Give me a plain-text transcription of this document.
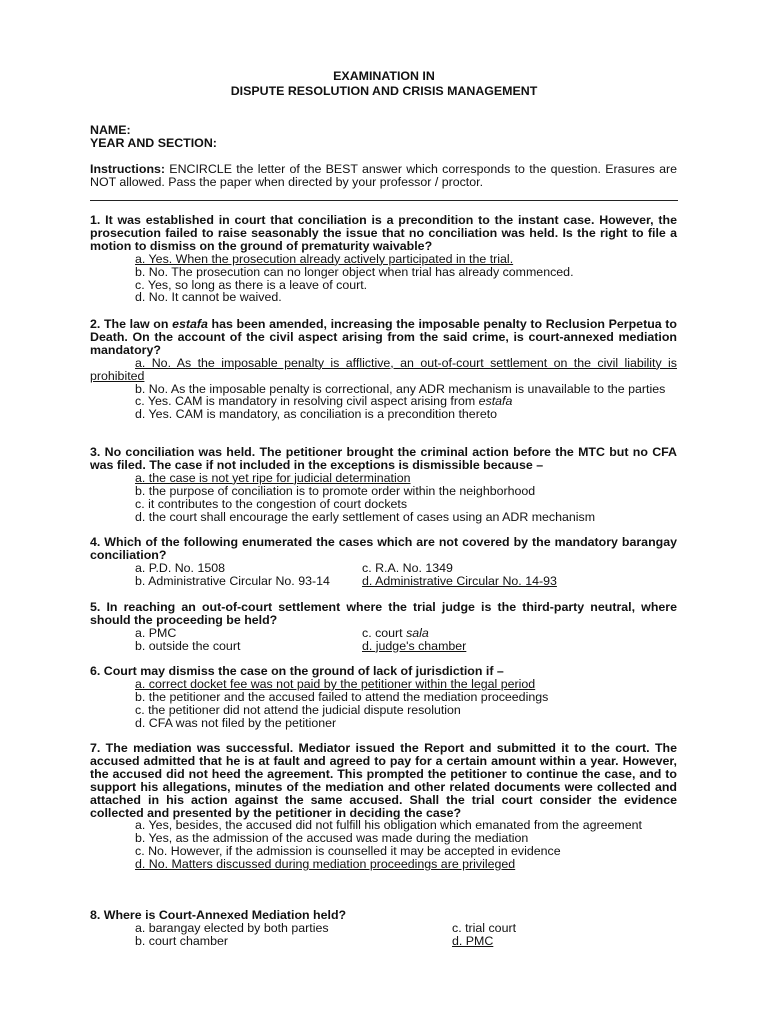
EXAMINATION IN
DISPUTE RESOLUTION AND CRISIS MANAGEMENT
NAME:
YEAR AND SECTION:
Instructions: ENCIRCLE the letter of the BEST answer which corresponds to the question. Erasures are NOT allowed. Pass the paper when directed by your professor / proctor.
1. It was established in court that conciliation is a precondition to the instant case. However, the prosecution failed to raise seasonably the issue that no conciliation was held. Is the right to file a motion to dismiss on the ground of prematurity waivable?
a. Yes. When the prosecution already actively participated in the trial.
b. No. The prosecution can no longer object when trial has already commenced.
c. Yes, so long as there is a leave of court.
d. No. It cannot be waived.
2. The law on estafa has been amended, increasing the imposable penalty to Reclusion Perpetua to Death. On the account of the civil aspect arising from the said crime, is court-annexed mediation mandatory?
a. No. As the imposable penalty is afflictive, an out-of-court settlement on the civil liability is prohibited
b. No. As the imposable penalty is correctional, any ADR mechanism is unavailable to the parties
c. Yes. CAM is mandatory in resolving civil aspect arising from estafa
d. Yes. CAM is mandatory, as conciliation is a precondition thereto
3. No conciliation was held. The petitioner brought the criminal action before the MTC but no CFA was filed. The case if not included in the exceptions is dismissible because –
a. the case is not yet ripe for judicial determination
b. the purpose of conciliation is to promote order within the neighborhood
c. it contributes to the congestion of court dockets
d. the court shall encourage the early settlement of cases using an ADR mechanism
4. Which of the following enumerated the cases which are not covered by the mandatory barangay conciliation?
a. P.D. No. 1508	c. R.A. No. 1349
b. Administrative Circular No. 93-14	d. Administrative Circular No. 14-93
5. In reaching an out-of-court settlement where the trial judge is the third-party neutral, where should the proceeding be held?
a. PMC	c. court sala
b. outside the court	d. judge's chamber
6. Court may dismiss the case on the ground of lack of jurisdiction if –
a. correct docket fee was not paid by the petitioner within the legal period
b. the petitioner and the accused failed to attend the mediation proceedings
c. the petitioner did not attend the judicial dispute resolution
d. CFA was not filed by the petitioner
7. The mediation was successful. Mediator issued the Report and submitted it to the court. The accused admitted that he is at fault and agreed to pay for a certain amount within a year. However, the accused did not heed the agreement. This prompted the petitioner to continue the case, and to support his allegations, minutes of the mediation and other related documents were collected and attached in his action against the same accused. Shall the trial court consider the evidence collected and presented by the petitioner in deciding the case?
a. Yes, besides, the accused did not fulfill his obligation which emanated from the agreement
b. Yes, as the admission of the accused was made during the mediation
c. No. However, if the admission is counselled it may be accepted in evidence
d. No. Matters discussed during mediation proceedings are privileged
8. Where is Court-Annexed Mediation held?
a. barangay elected by both parties	c. trial court
b. court chamber	d. PMC
